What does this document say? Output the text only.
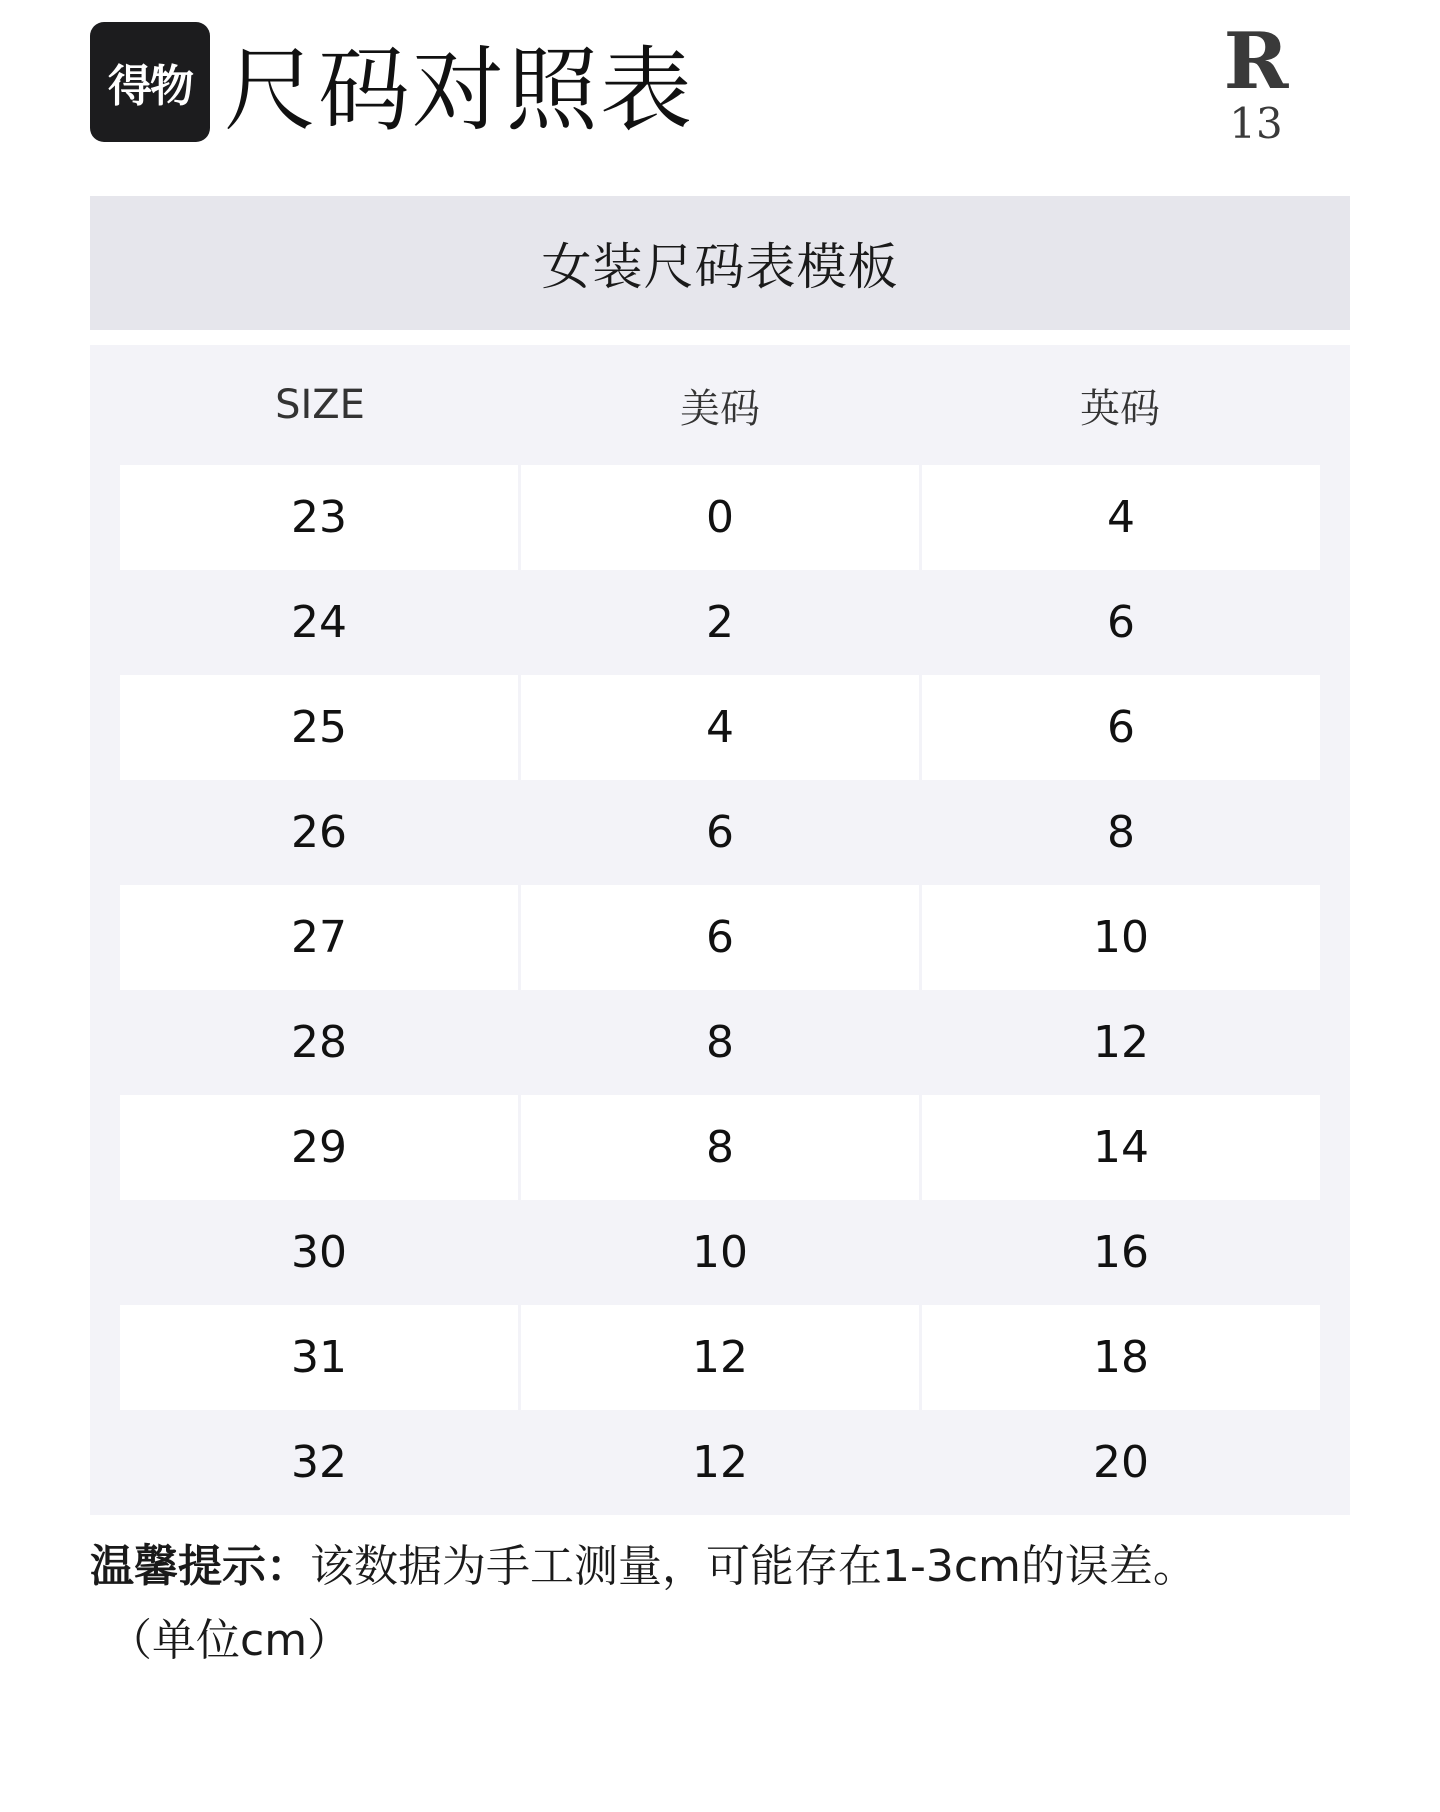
得物 尺码对照表	R
13
女装尺码表模板
SIZE	美码	英码
23	0	4
24	2	6
25	4	6
26	6	8
27	6	10
28	8	12
29	8	14
30	10	16
31	12	18
32	12	20
温馨提示：该数据为手工测量，可能存在1-3cm的误差。
（单位cm）
